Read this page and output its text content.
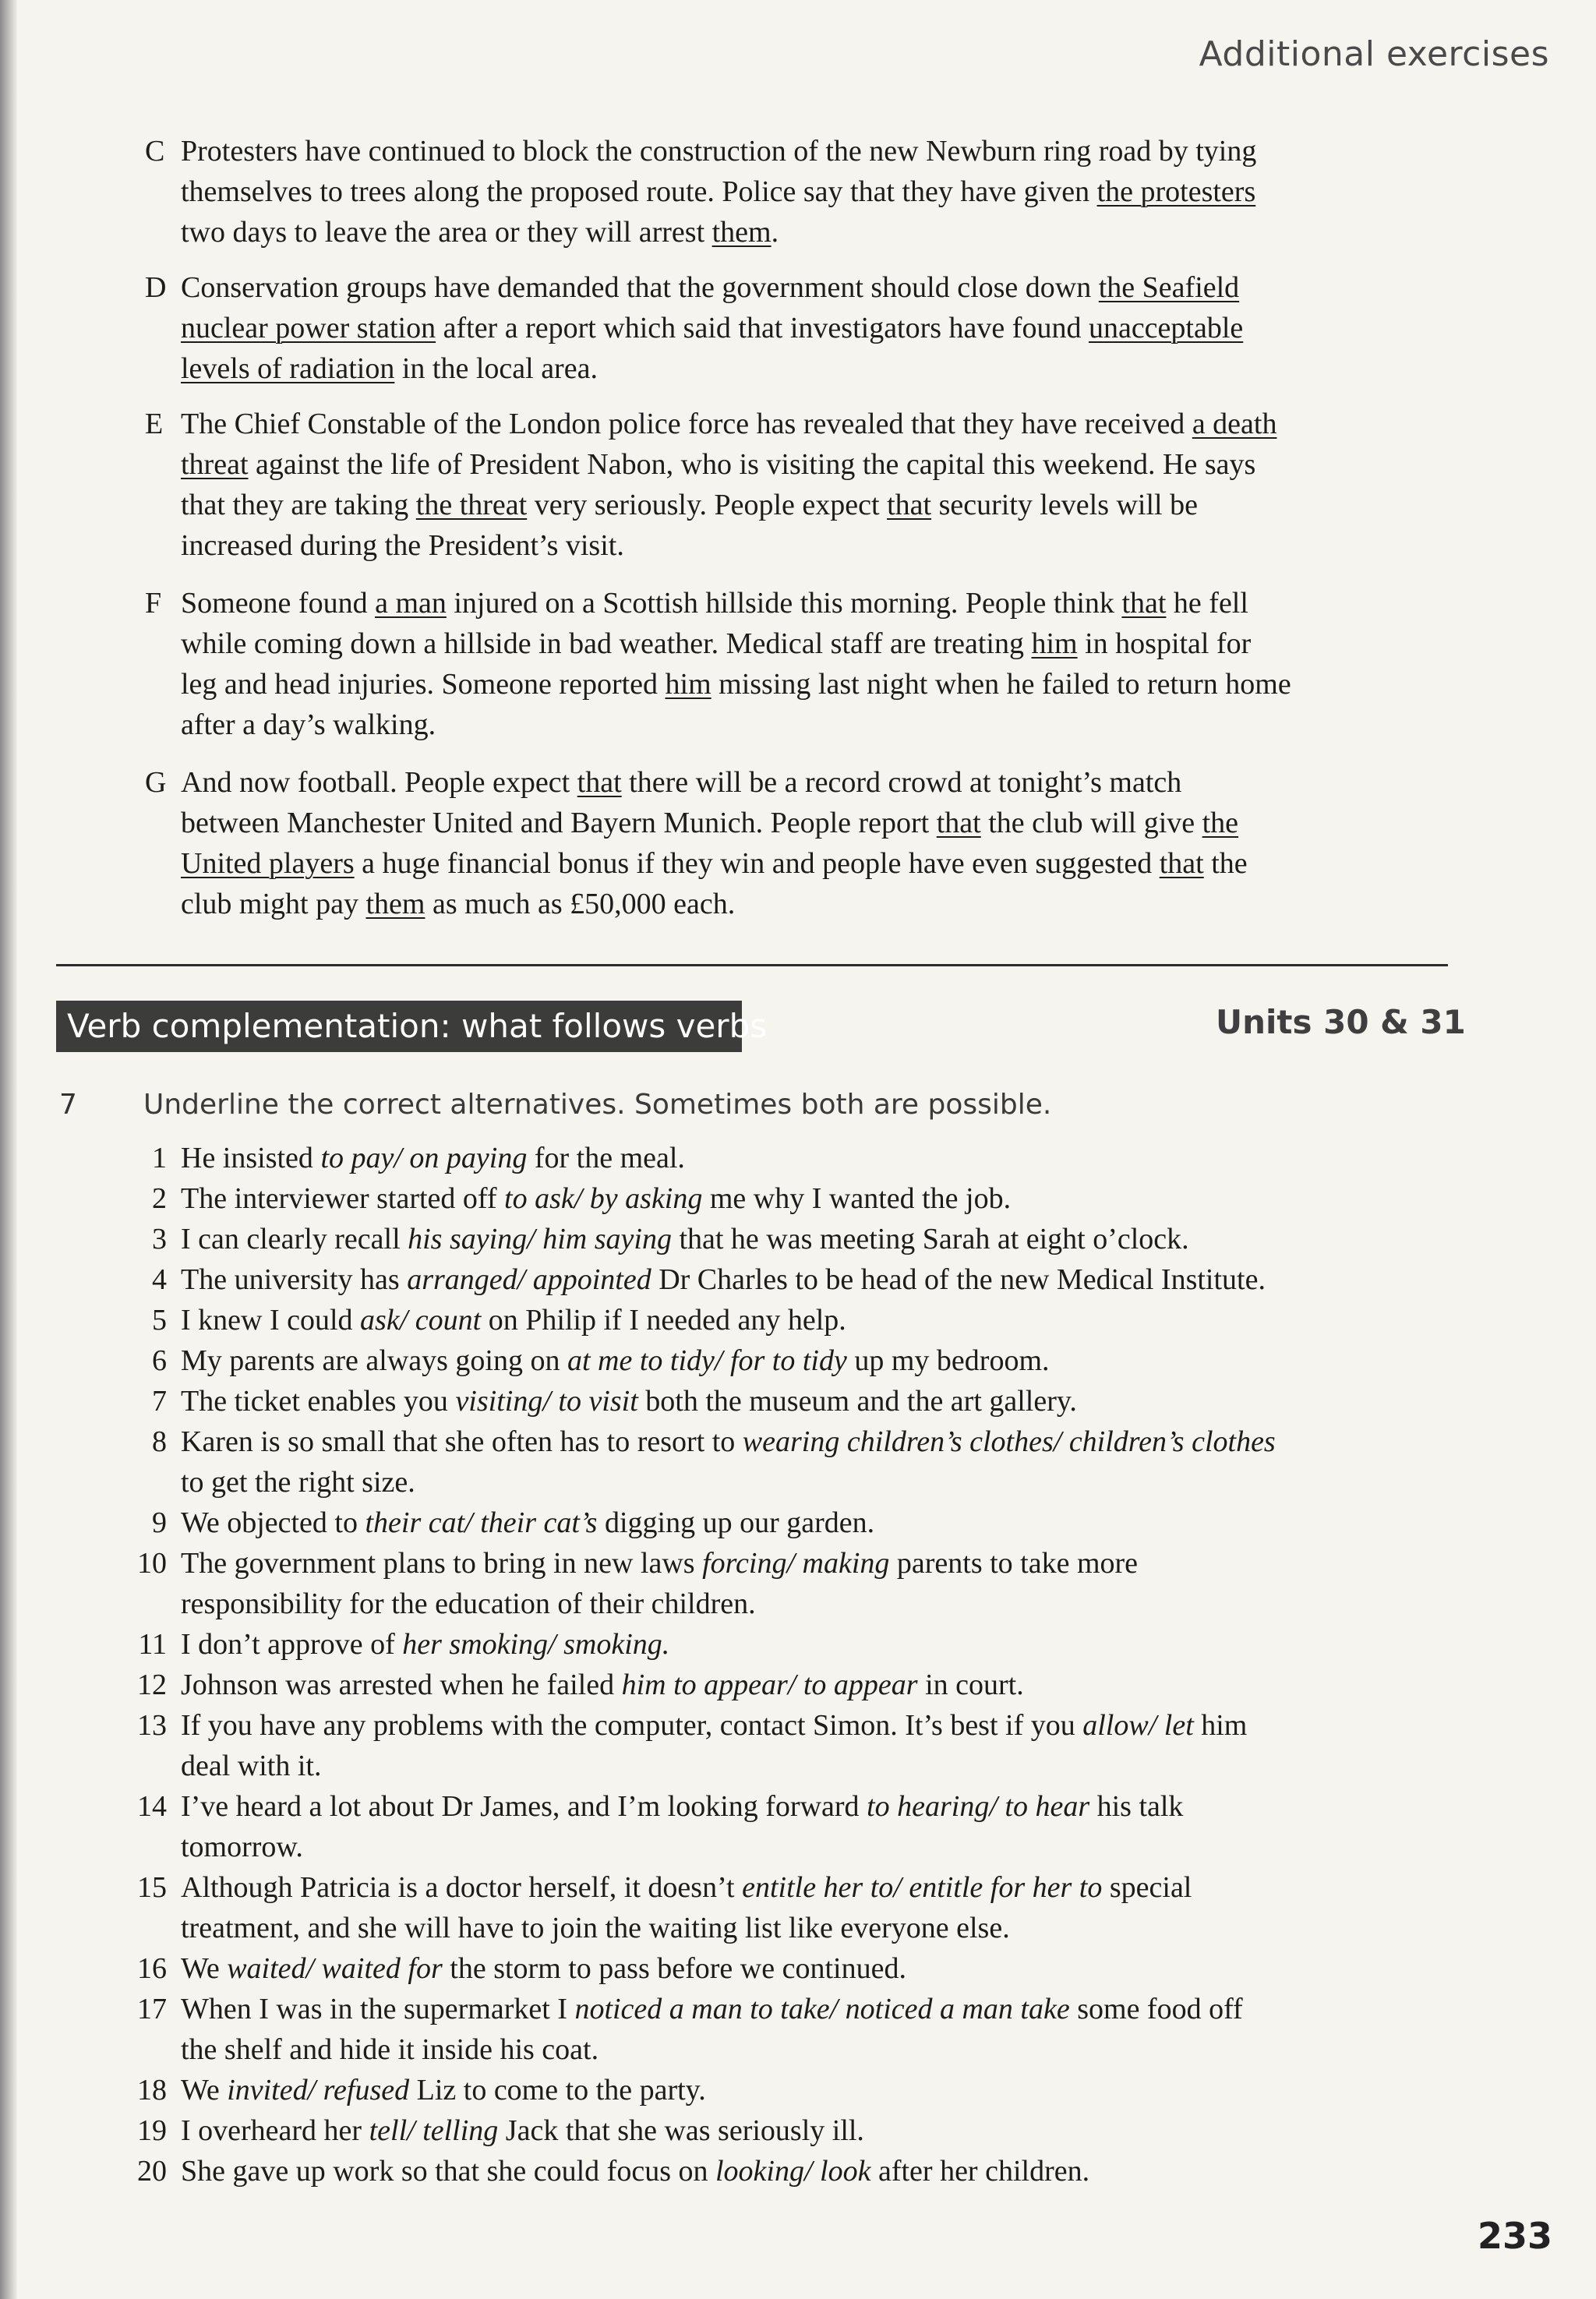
Additional exercises
C Protesters have continued to block the construction of the new Newburn ring road by tying
themselves to trees along the proposed route. Police say that they have given the protesters
two days to leave the area or they will arrest them.
D Conservation groups have demanded that the government should close down the Seafield
nuclear power station after a report which said that investigators have found unacceptable
levels of radiation in the local area.
E The Chief Constable of the London police force has revealed that they have received a death
threat against the life of President Nabon, who is visiting the capital this weekend. He says
that they are taking the threat very seriously. People expect that security levels will be
increased during the President’s visit.
F Someone found a man injured on a Scottish hillside this morning. People think that he fell
while coming down a hillside in bad weather. Medical staff are treating him in hospital for
leg and head injuries. Someone reported him missing last night when he failed to return home
after a day’s walking.
G And now football. People expect that there will be a record crowd at tonight’s match
between Manchester United and Bayern Munich. People report that the club will give the
United players a huge financial bonus if they win and people have even suggested that the
club might pay them as much as £50,000 each.
Verb complementation: what follows verbs	Units 30 & 31
7 Underline the correct alternatives. Sometimes both are possible.
1 He insisted to pay/ on paying for the meal.
2 The interviewer started off to ask/ by asking me why I wanted the job.
3 I can clearly recall his saying/ him saying that he was meeting Sarah at eight o’clock.
4 The university has arranged/ appointed Dr Charles to be head of the new Medical Institute.
5 I knew I could ask/ count on Philip if I needed any help.
6 My parents are always going on at me to tidy/ for to tidy up my bedroom.
7 The ticket enables you visiting/ to visit both the museum and the art gallery.
8 Karen is so small that she often has to resort to wearing children’s clothes/ children’s clothes
to get the right size.
9 We objected to their cat/ their cat’s digging up our garden.
10 The government plans to bring in new laws forcing/ making parents to take more
responsibility for the education of their children.
11 I don’t approve of her smoking/ smoking.
12 Johnson was arrested when he failed him to appear/ to appear in court.
13 If you have any problems with the computer, contact Simon. It’s best if you allow/ let him
deal with it.
14 I’ve heard a lot about Dr James, and I’m looking forward to hearing/ to hear his talk
tomorrow.
15 Although Patricia is a doctor herself, it doesn’t entitle her to/ entitle for her to special
treatment, and she will have to join the waiting list like everyone else.
16 We waited/ waited for the storm to pass before we continued.
17 When I was in the supermarket I noticed a man to take/ noticed a man take some food off
the shelf and hide it inside his coat.
18 We invited/ refused Liz to come to the party.
19 I overheard her tell/ telling Jack that she was seriously ill.
20 She gave up work so that she could focus on looking/ look after her children.
233
